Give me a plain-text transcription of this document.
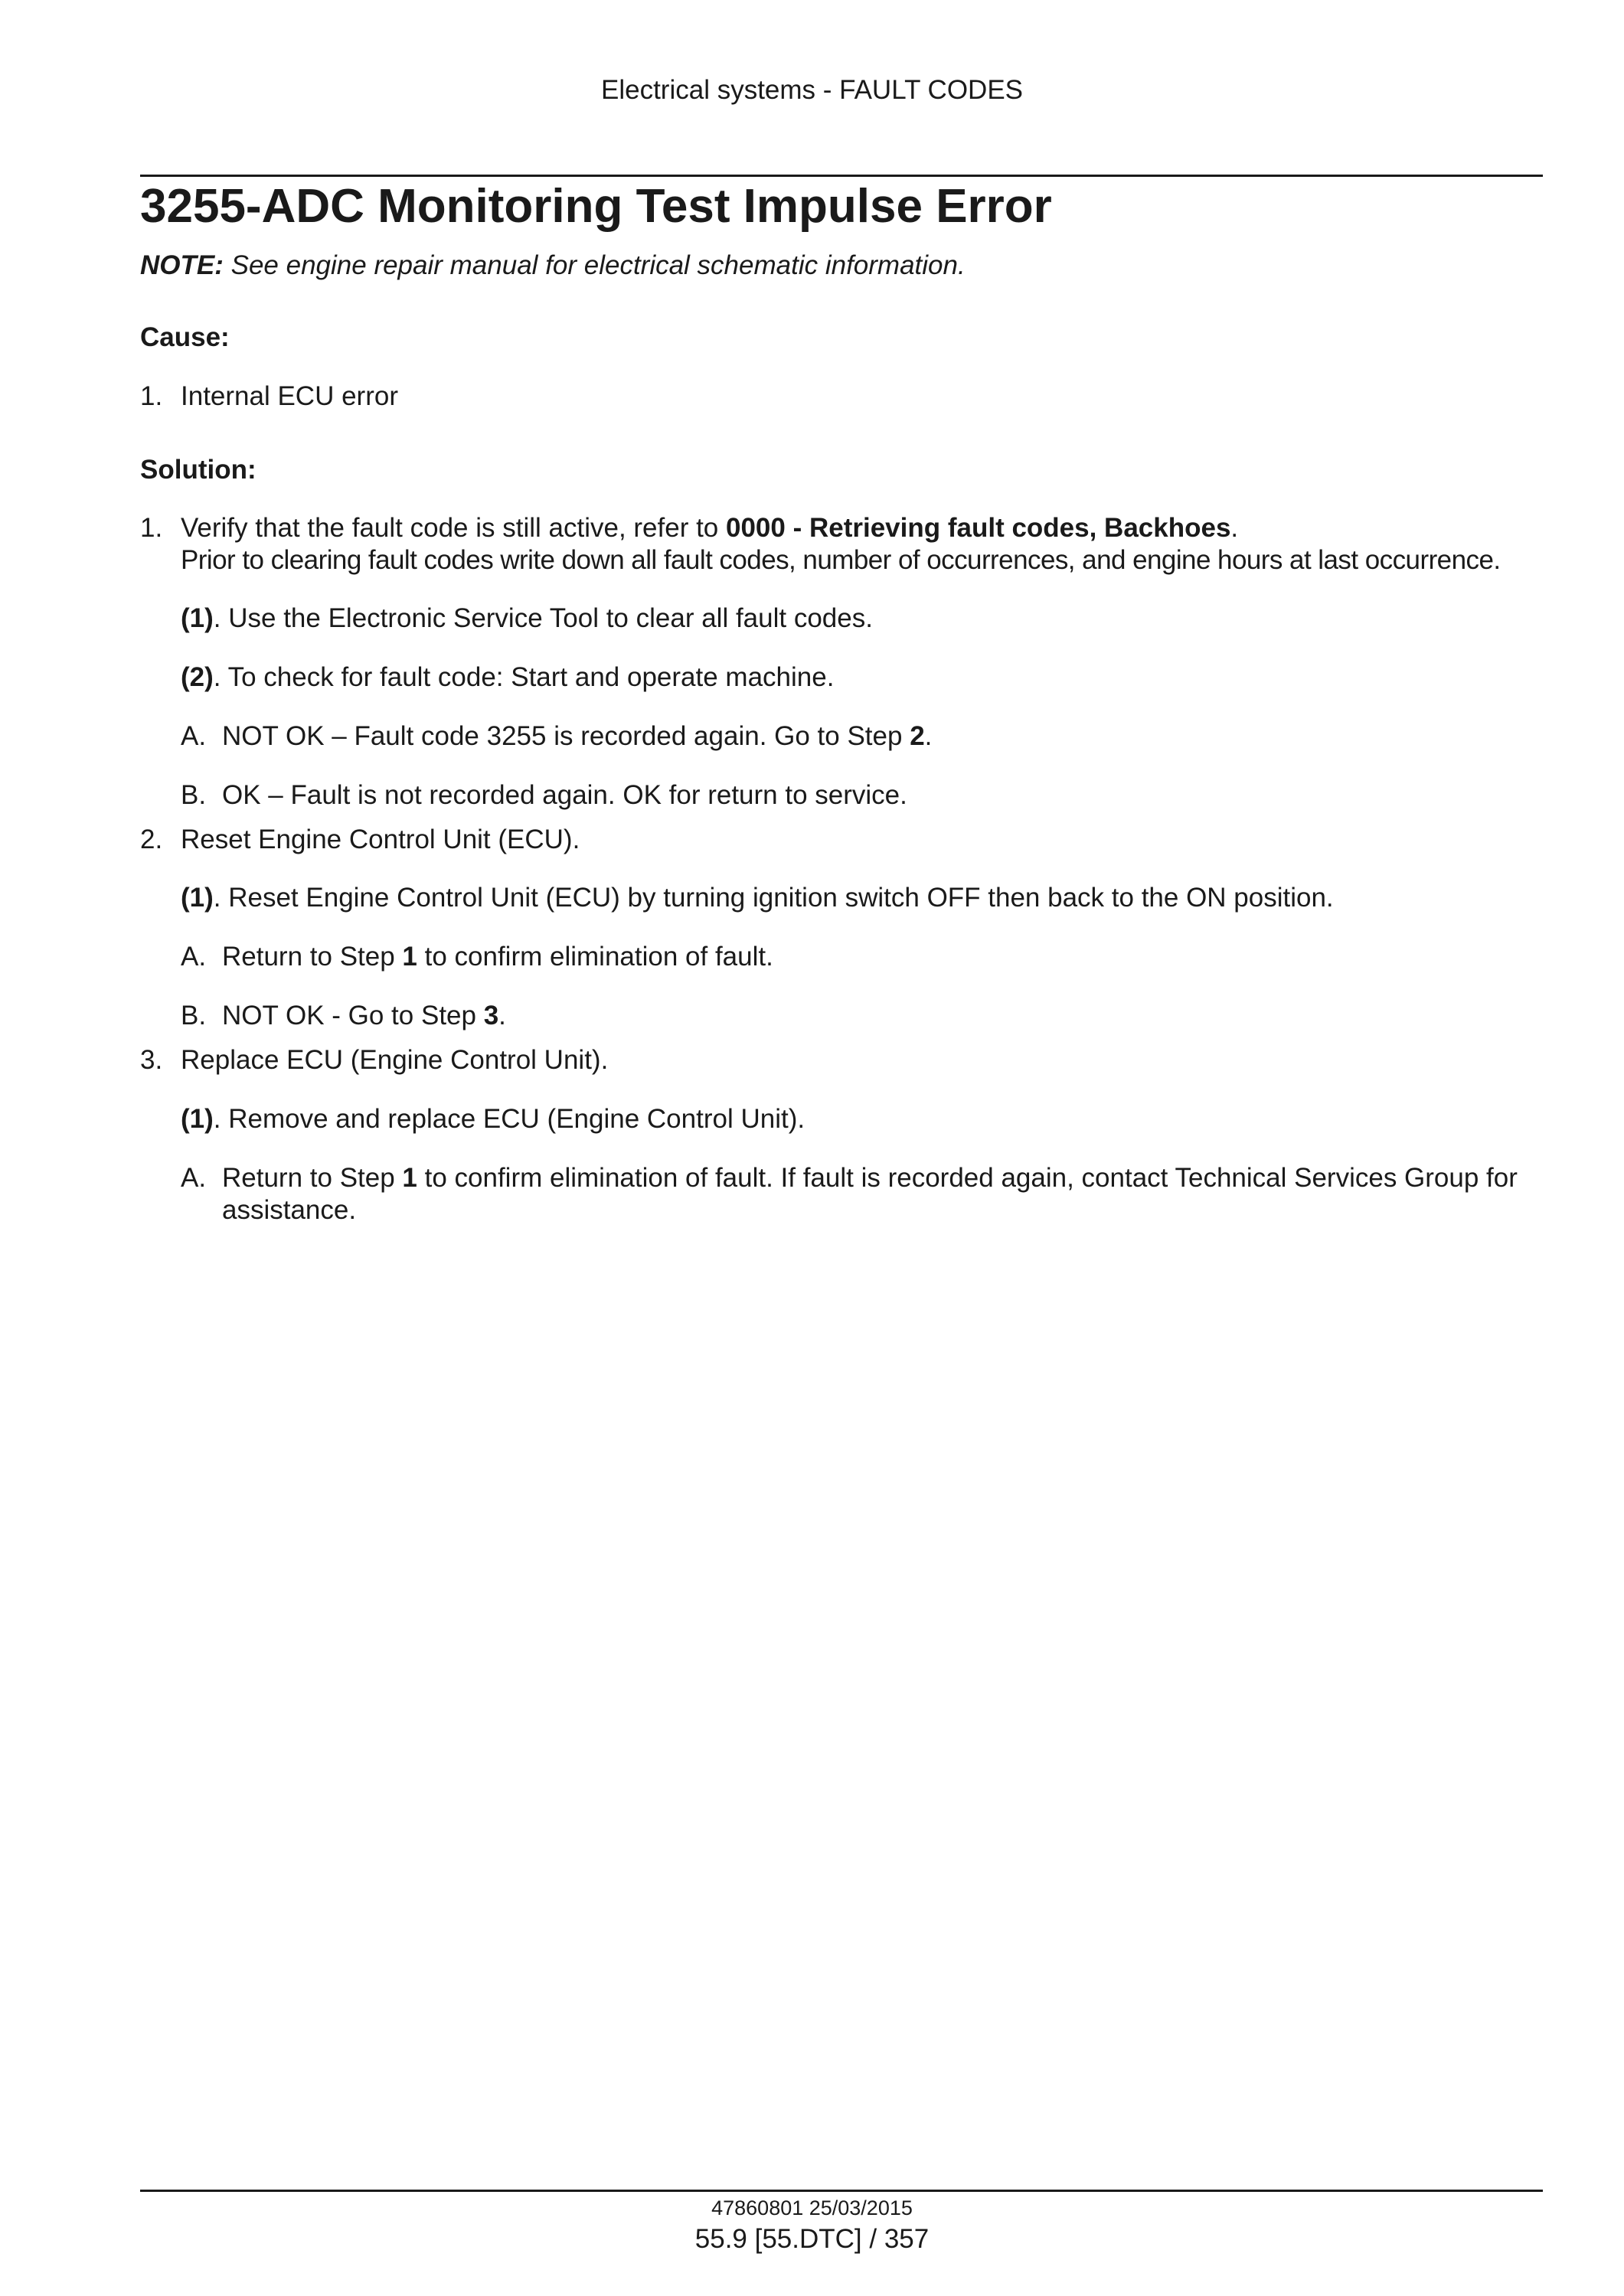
Electrical systems - FAULT CODES
3255-ADC Monitoring Test Impulse Error
NOTE: See engine repair manual for electrical schematic information.
Cause:
1. Internal ECU error
Solution:
1. Verify that the fault code is still active, refer to 0000 - Retrieving fault codes, Backhoes.
Prior to clearing fault codes write down all fault codes, number of occurrences, and engine hours at last occurrence.
(1). Use the Electronic Service Tool to clear all fault codes.
(2). To check for fault code: Start and operate machine.
A. NOT OK – Fault code 3255 is recorded again. Go to Step 2.
B. OK – Fault is not recorded again. OK for return to service.
2. Reset Engine Control Unit (ECU).
(1). Reset Engine Control Unit (ECU) by turning ignition switch OFF then back to the ON position.
A. Return to Step 1 to confirm elimination of fault.
B. NOT OK - Go to Step 3.
3. Replace ECU (Engine Control Unit).
(1). Remove and replace ECU (Engine Control Unit).
A. Return to Step 1 to confirm elimination of fault. If fault is recorded again, contact Technical Services Group for
assistance.
47860801 25/03/2015
55.9 [55.DTC] / 357
